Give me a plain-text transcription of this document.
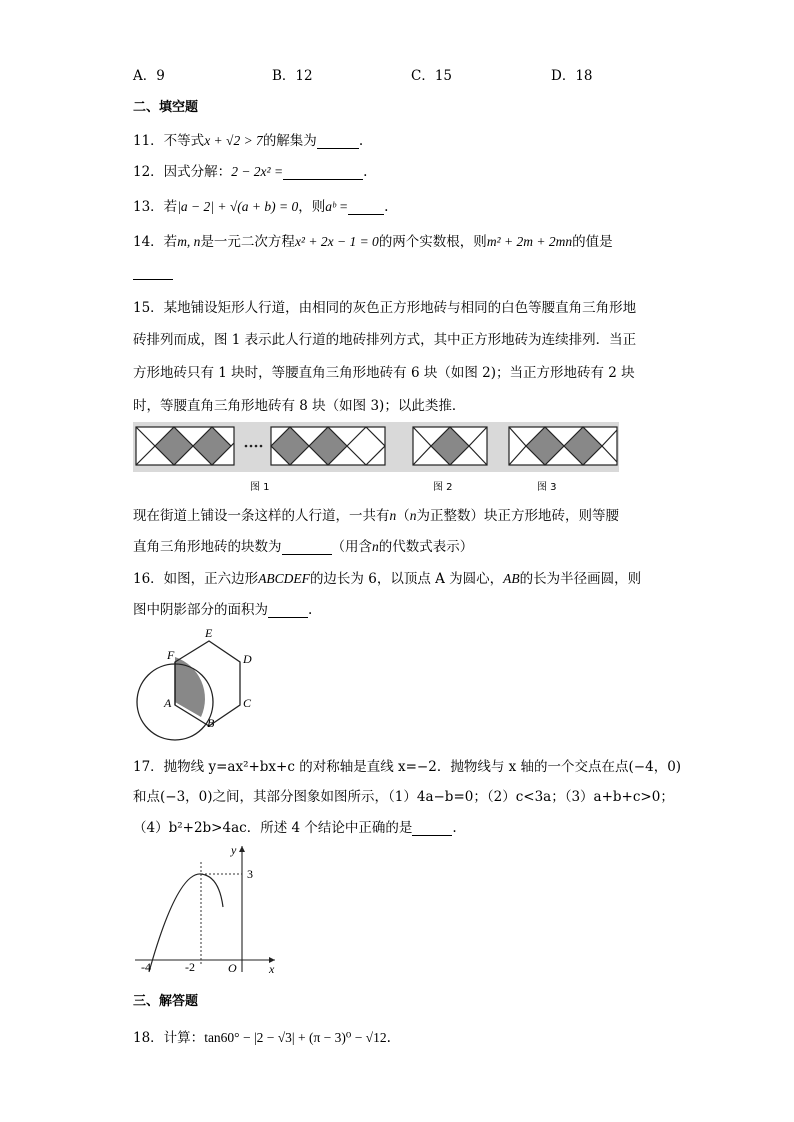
A．9	B．12	C．15	D．18
二、填空题
11．不等式x + √2 > 7的解集为	.
12．因式分解：2 − 2x² =	.
13．若|a − 2| + √(a + b) = 0，则aᵇ =	.
14．若m, n是一元二次方程x² + 2x − 1 = 0的两个实数根，则m² + 2m + 2mn的值是
15．某地铺设矩形人行道，由相同的灰色正方形地砖与相同的白色等腰直角三角形地
砖排列而成，图 1 表示此人行道的地砖排列方式，其中正方形地砖为连续排列．当正
方形地砖只有 1 块时，等腰直角三角形地砖有 6 块（如图 2)；当正方形地砖有 2 块
时，等腰直角三角形地砖有 8 块（如图 3)；以此类推．
图 1	图 2	图 3
现在街道上铺设一条这样的人行道，一共有n（n为正整数）块正方形地砖，则等腰
直角三角形地砖的块数为	（用含n的代数式表示）
16．如图，正六边形ABCDEF的边长为 6，以顶点 A 为圆心，AB的长为半径画圆，则
图中阴影部分的面积为	.
E
F	D
A	C
B
17．抛物线 y=ax²+bx+c 的对称轴是直线 x=−2．抛物线与 x 轴的一个交点在点(−4，0)
和点(−3，0)之间，其部分图象如图所示，（1）4a−b=0；（2）c<3a；（3）a+b+c>0；
（4）b²+2b>4ac．所述 4 个结论中正确的是	.
y
x
3
-4	-2	O
三、解答题
18．计算：tan60° − |2 − √3| + (π − 3)⁰ − √12.
